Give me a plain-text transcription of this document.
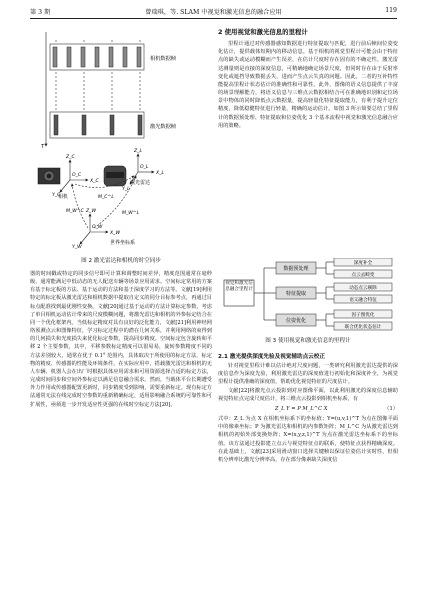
第 3 期	曾瑞琪，等. SLAM 中视觉和激光信息的融合应用	119
相机数据帧
激光数据帧
T
相机
激光雷达
Z_C
X_C
Y_C
O_C
Z_L
X_L
Y_L
O_L
Z_W
X_W
Y_W
O_W
M_C^L
M_W^C	M_W^L
世界坐标系
图 2 激光雷达和相机的时空同步

器的时间戳或特定的同步信号即可计算和调整时间差异，精度范围通常在毫秒级，通常能满足中低动态的无人配送车辆等场景应用需求。空间标定常用的方案有基于标定板的方法、基于运动的方法和基于深度学习的方法等。文献[19]利用特定的标定板从激光雷达和相机数据中提取自定义的同分目标参考点，再通过目标点配准找到最优刚性变换。文献[20]通过基于运动的方法计算标定参数，考虑了单目相机运动估计带来的尺度模糊问题，将激光雷达和相机的外参标定结合在同一个优化框架内。当低标定精度对具有良好的泛化能力，文献[21]利用神经网络预测点云和图像特征，学习标定过程中的潜在几何关系，并利用网络的束得到的几何损失和光度损失来优化标定参数，提高同步精度。空间标定包含旋转和平移 2 个主要参数，其中，平移参数标定精度可以很易易，旋转参数精度不同的方法差别较大，通常在优于 0.1° 范围内，具体取决于所使用的标定方法、标定物的精度、传感器的性能及环境条件。在实际应用中，搭载激光雷达和相机的无人车辆、机器人会在出厂时根据具体应用需求和可用资源选择合适的标定方法，完成时间同步和空间外参标定以满足信息融合需求。然而，当载体平台长期遭受外力作用或传感器配置更新时，同步精度受到影响，需要重新标定。现有标定方法通常无法在线完成时空参数的重新精确标定，适用影响融合系统的可靠性和可扩展性，亟须进一步开发适应性更强的在线时空标定方法[20]。

2 使用视觉和激光信息的里程计

里程计通过对传感器感知数据进行特征提取与匹配，进行前后帧间位姿变化估计，提供载体短期内的移动信息。基于相机的视觉里程计可能会由于特征点的缺失或运动模糊而产生误差，在估计尺度时存在固有的不确定性。激光雷达测量则是直接的深度信息，可精确地确定场景尺度，但同时存在由于反射率变化或遮挡导致数据丢失，进而产生点云失真的问题。因此，二者的互补特性能提高里程计状态估计的准确性和可靠性。此外，图像的语义信息提供了丰富的场景理解能力，将语义信息与三维点云数据相结合可在准确地识别和定位场景中物体的同时降低点云数据量，提高轻量化特征提取能力，有利于提升定位精度、降低稳健特征进行轻量、精确的运动估计。如图 3 所示简要总结了里程计的数据预处理、特征提取和位姿优化 3 个基本流程中视觉和激光信息融合应用的策略。

视觉和激光信息融合里程计
数据预处理
特征提取
位姿优化
深度补全
点云去畸变
动态点云剔除
语义融合特征
因子图优化
联合优化状态估计
图 3 使用视觉和激光信息的里程计
2.1 激光提供深度先验及视觉辅助点云校正

针对视觉里程计难以估计绝对尺度问题，一类研究利用激光雷达提供的深度信息作为深度先验，利用激光雷达的深度值进行初始化和深度补全，为视觉里程计提供准确的深度值，帮助优化视觉特征的尺度估计。

文献[22]将激光点云投影到对应图像平面，以此利用激光的深度信息辅助视觉特征点完成尺度估计，将三维点云投影到相机坐标系，有

Z_L Y = P M_L^C X	（1）

式中：Z_L 为点 X 在相机坐标系下的坐标值；Y=(u,v,1)^T 为点在图像平面中的像素坐标；P 为激光雷达和相机的内参数矩阵；M_L^C 为从激光雷达到相机的初始外部变换矩阵；X=(x,y,z,1)^T 为点在激光雷达坐标系下的坐标值。该方法通过投影建立点云与视觉特征点的联系，使特征点获得精确深度。在此基础上，文献[23]采用滑动窗口选择关键帧以保证位姿估计实时性，但相机分辨率比激光分辨率高，存在部分像素缺失深度信
